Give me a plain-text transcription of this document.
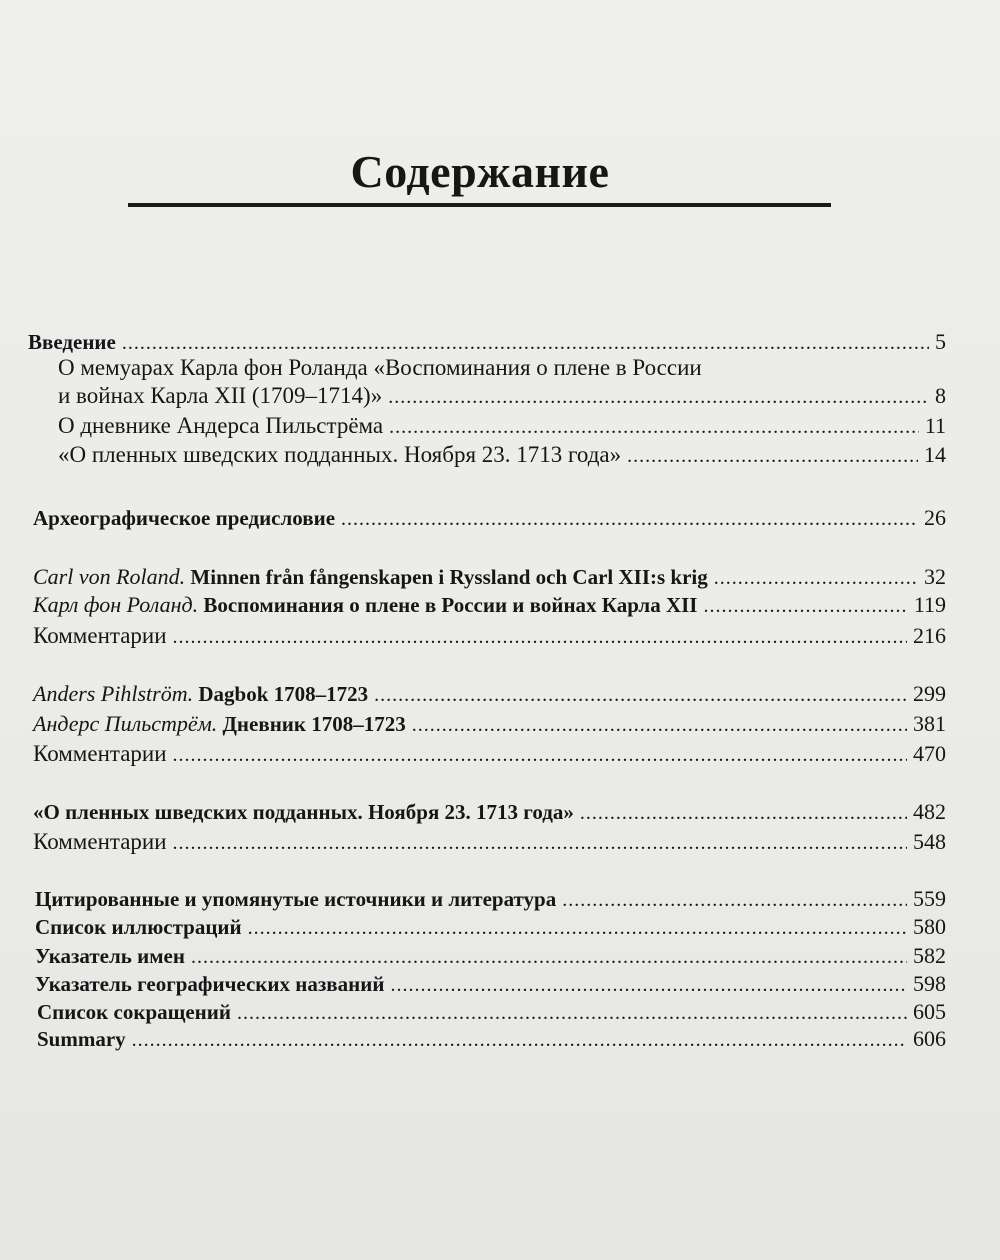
Содержание
Введение .....	5
О мемуарах Карла фон Роланда «Воспоминания о плене в России
и войнах Карла XII (1709–1714)» .....	8
О дневнике Андерса Пильстрёма .....	11
«О пленных шведских подданных. Ноября 23. 1713 года» .....	14
Археографическое предисловие .....	26
Carl von Roland. Minnen från fångenskapen i Ryssland och Carl XII:s krig .....	32
Карл фон Роланд. Воспоминания о плене в России и войнах Карла XII .....	119
Комментарии .....	216
Anders Pihlström. Dagbok 1708–1723 .....	299
Андерс Пильстрём. Дневник 1708–1723 .....	381
Комментарии .....	470
«О пленных шведских подданных. Ноября 23. 1713 года» .....	482
Комментарии .....	548
Цитированные и упомянутые источники и литература .....	559
Список иллюстраций .....	580
Указатель имен .....	582
Указатель географических названий .....	598
Список сокращений .....	605
Summary .....	606
